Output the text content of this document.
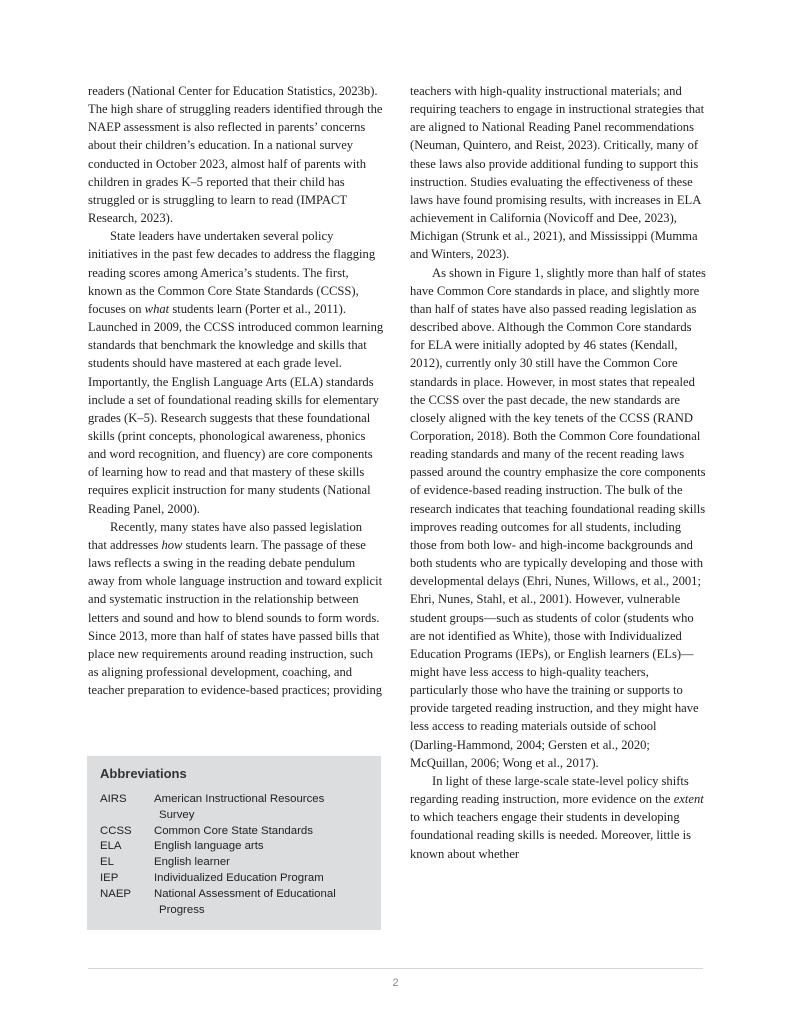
readers (National Center for Education Statistics, 2023b). The high share of struggling readers identified through the NAEP assessment is also reflected in parents’ concerns about their children’s education. In a national survey conducted in October 2023, almost half of parents with children in grades K–5 reported that their child has struggled or is struggling to learn to read (IMPACT Research, 2023).

State leaders have undertaken several policy initiatives in the past few decades to address the flagging reading scores among America’s students. The first, known as the Common Core State Standards (CCSS), focuses on what students learn (Porter et al., 2011). Launched in 2009, the CCSS introduced common learning standards that benchmark the knowledge and skills that students should have mastered at each grade level. Importantly, the English Language Arts (ELA) standards include a set of foundational reading skills for elementary grades (K–5). Research suggests that these foundational skills (print concepts, phonological awareness, phonics and word recognition, and fluency) are core components of learning how to read and that mastery of these skills requires explicit instruction for many students (National Reading Panel, 2000).

Recently, many states have also passed legislation that addresses how students learn. The passage of these laws reflects a swing in the reading debate pendulum away from whole language instruction and toward explicit and systematic instruction in the relationship between letters and sound and how to blend sounds to form words. Since 2013, more than half of states have passed bills that place new requirements around reading instruction, such as aligning professional development, coaching, and teacher preparation to evidence-based practices; providing

Abbreviations
AIRS	American Instructional Resources
Survey
CCSS	Common Core State Standards
ELA	English language arts
EL	English learner
IEP	Individualized Education Program
NAEP	National Assessment of Educational
Progress

teachers with high-quality instructional materials; and requiring teachers to engage in instructional strategies that are aligned to National Reading Panel recommendations (Neuman, Quintero, and Reist, 2023). Critically, many of these laws also provide additional funding to support this instruction. Studies evaluating the effectiveness of these laws have found promising results, with increases in ELA achievement in California (Novicoff and Dee, 2023), Michigan (Strunk et al., 2021), and Mississippi (Mumma and Winters, 2023).

As shown in Figure 1, slightly more than half of states have Common Core standards in place, and slightly more than half of states have also passed reading legislation as described above. Although the Common Core standards for ELA were initially adopted by 46 states (Kendall, 2012), currently only 30 still have the Common Core standards in place. However, in most states that repealed the CCSS over the past decade, the new standards are closely aligned with the key tenets of the CCSS (RAND Corporation, 2018). Both the Common Core foundational reading standards and many of the recent reading laws passed around the country emphasize the core components of evidence-based reading instruction. The bulk of the research indicates that teaching foundational reading skills improves reading outcomes for all students, including those from both low- and high-income backgrounds and both students who are typically developing and those with developmental delays (Ehri, Nunes, Willows, et al., 2001; Ehri, Nunes, Stahl, et al., 2001). However, vulnerable student groups—such as students of color (students who are not identified as White), those with Individualized Education Programs (IEPs), or English learners (ELs)—might have less access to high-quality teachers, particularly those who have the training or supports to provide targeted reading instruction, and they might have less access to reading materials outside of school (Darling-Hammond, 2004; Gersten et al., 2020; McQuillan, 2006; Wong et al., 2017).

In light of these large-scale state-level policy shifts regarding reading instruction, more evidence on the extent to which teachers engage their students in developing foundational reading skills is needed. Moreover, little is known about whether

2
